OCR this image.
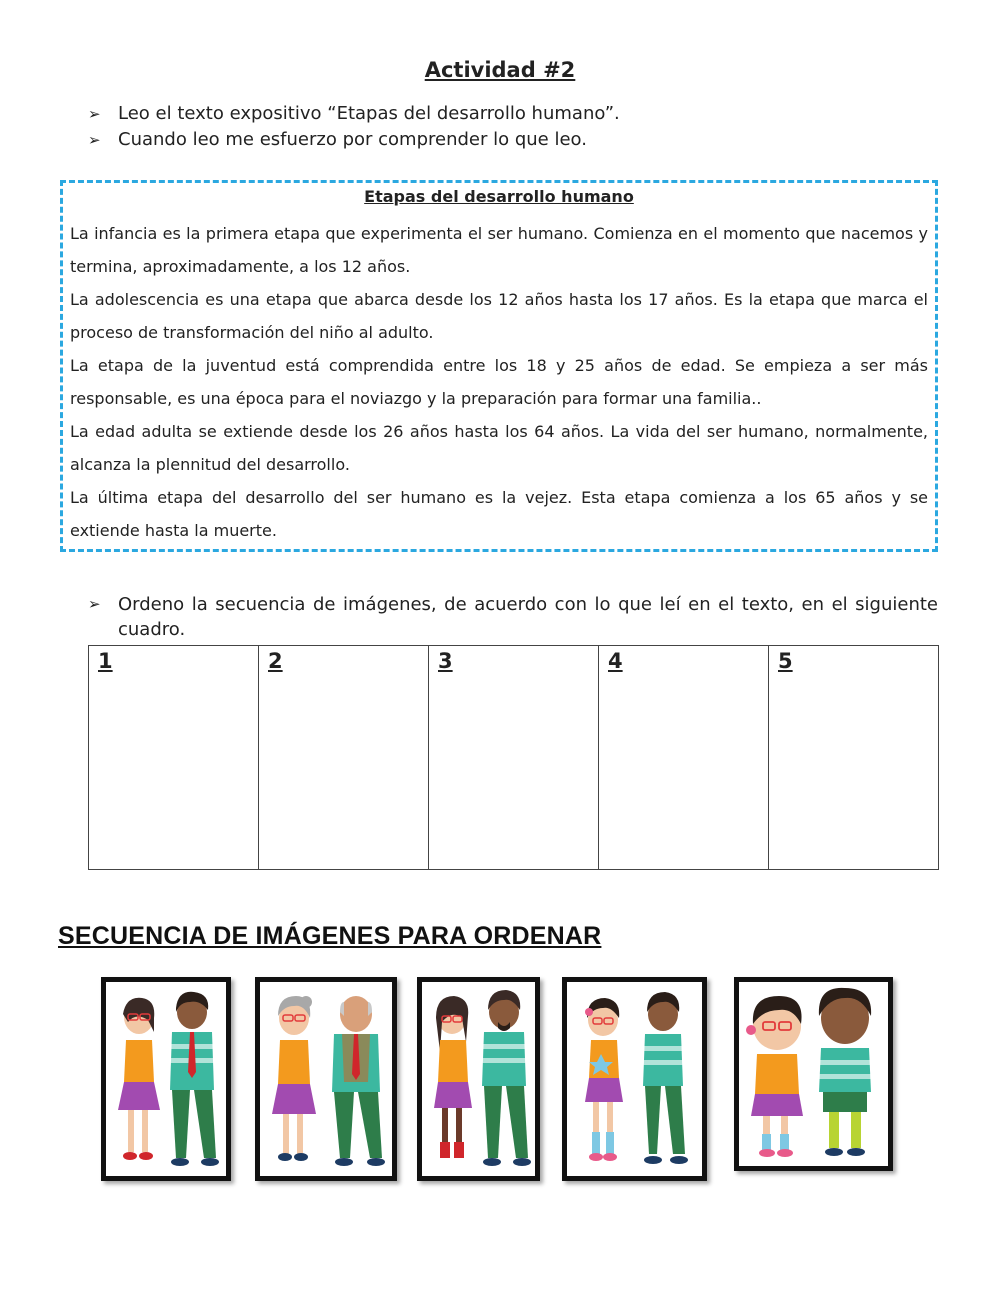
Actividad #2
➢ Leo el texto expositivo “Etapas del desarrollo humano”.
➢ Cuando leo me esfuerzo por comprender lo que leo.
Etapas del desarrollo humano

La infancia es la primera etapa que experimenta el ser humano. Comienza en el momento que nacemos y termina, aproximadamente, a los 12 años.

La adolescencia es una etapa que abarca desde los 12 años hasta los 17 años. Es la etapa que marca el proceso de transformación del niño al adulto.

La etapa de la juventud está comprendida entre los 18 y 25 años de edad. Se empieza a ser más responsable, es una época para el noviazgo y la preparación para formar una familia..

La edad adulta se extiende desde los 26 años hasta los 64 años. La vida del ser humano, normalmente, alcanza la plennitud del desarrollo.

La última etapa del desarrollo del ser humano es la vejez. Esta etapa comienza a los 65 años y se extiende hasta la muerte.

➢ Ordeno la secuencia de imágenes, de acuerdo con lo que leí en el texto, en el siguiente cuadro.
1	2	3	4	5
SECUENCIA DE IMÁGENES PARA ORDENAR
